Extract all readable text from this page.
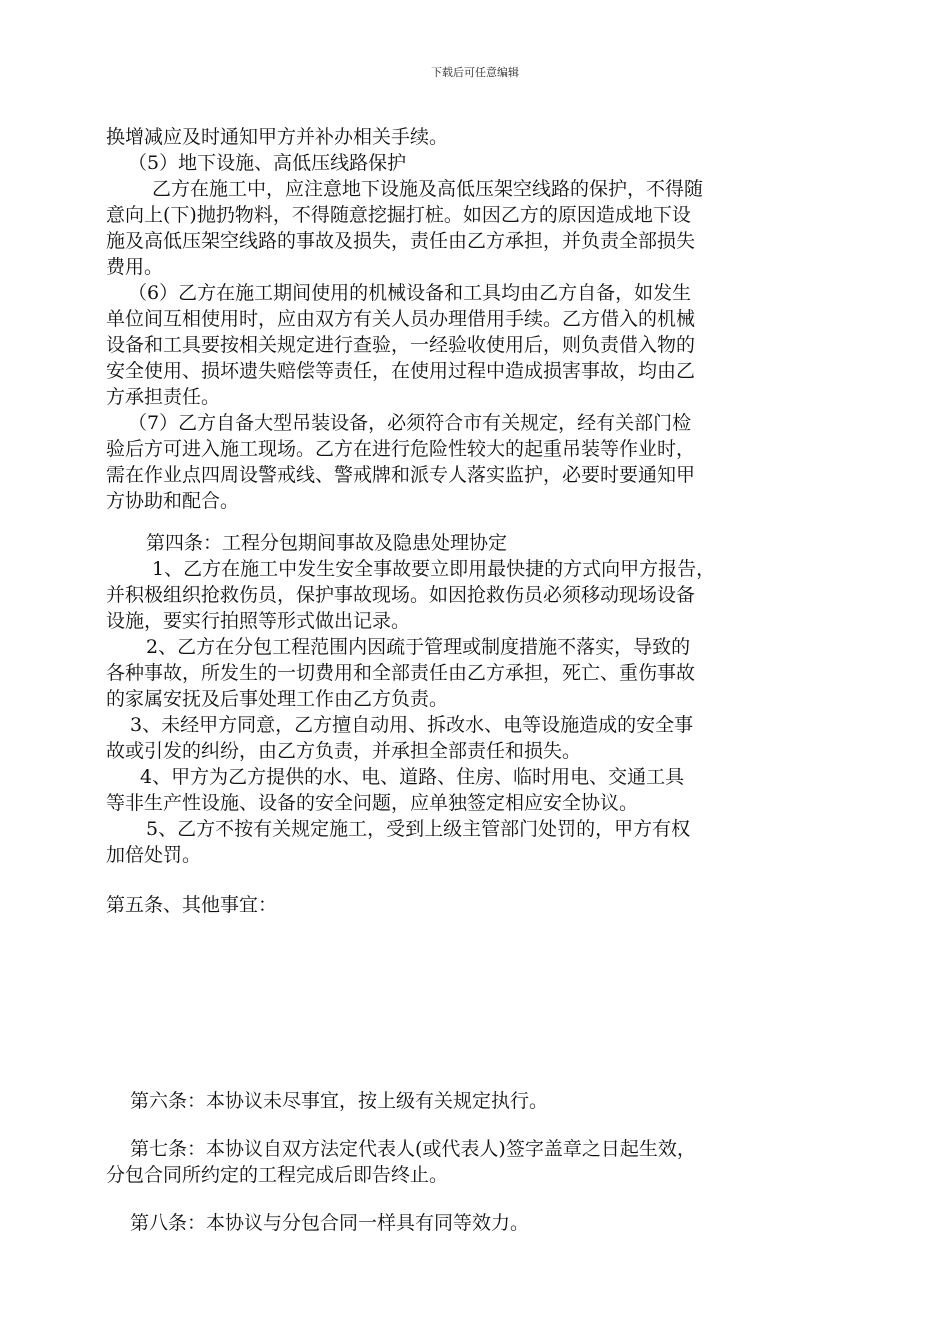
下载后可任意编辑

换增减应及时通知甲方并补办相关手续。

（5）地下设施、高低压线路保护

乙方在施工中，应注意地下设施及高低压架空线路的保护，不得随

意向上(下)抛扔物料，不得随意挖掘打桩。如因乙方的原因造成地下设

施及高低压架空线路的事故及损失，责任由乙方承担，并负责全部损失

费用。

（6）乙方在施工期间使用的机械设备和工具均由乙方自备，如发生

单位间互相使用时，应由双方有关人员办理借用手续。乙方借入的机械

设备和工具要按相关规定进行查验，一经验收使用后，则负责借入物的

安全使用、损坏遗失赔偿等责任，在使用过程中造成损害事故，均由乙

方承担责任。

（7）乙方自备大型吊装设备，必须符合市有关规定，经有关部门检

验后方可进入施工现场。乙方在进行危险性较大的起重吊装等作业时，

需在作业点四周设警戒线、警戒牌和派专人落实监护，必要时要通知甲

方协助和配合。

第四条：工程分包期间事故及隐患处理协定

1、乙方在施工中发生安全事故要立即用最快捷的方式向甲方报告，

并积极组织抢救伤员，保护事故现场。如因抢救伤员必须移动现场设备

设施，要实行拍照等形式做出记录。

2、乙方在分包工程范围内因疏于管理或制度措施不落实，导致的

各种事故，所发生的一切费用和全部责任由乙方承担，死亡、重伤事故

的家属安抚及后事处理工作由乙方负责。

3、未经甲方同意，乙方擅自动用、拆改水、电等设施造成的安全事

故或引发的纠纷，由乙方负责，并承担全部责任和损失。

4、甲方为乙方提供的水、电、道路、住房、临时用电、交通工具

等非生产性设施、设备的安全问题，应单独签定相应安全协议。

5、乙方不按有关规定施工，受到上级主管部门处罚的，甲方有权

加倍处罚。

第五条、其他事宜：

第六条：本协议未尽事宜，按上级有关规定执行。

第七条：本协议自双方法定代表人(或代表人)签字盖章之日起生效，

分包合同所约定的工程完成后即告终止。

第八条：本协议与分包合同一样具有同等效力。
